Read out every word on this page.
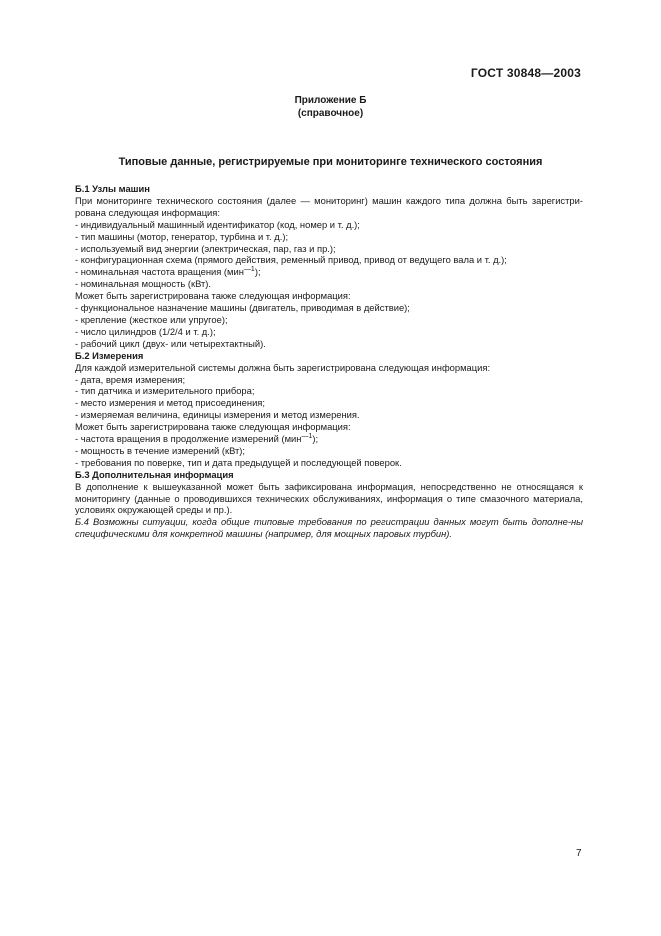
ГОСТ 30848—2003
Приложение Б
(справочное)
Типовые данные, регистрируемые при мониторинге технического состояния

Б.1 Узлы машин

При мониторинге технического состояния (далее — мониторинг) машин каждого типа должна быть зарегистри-рована следующая информация:

- индивидуальный машинный идентификатор (код, номер и т. д.);

- тип машины (мотор, генератор, турбина и т. д.);

- используемый вид энергии (электрическая, пар, газ и пр.);

- конфигурационная схема (прямого действия, ременный привод, привод от ведущего вала и т. д.);

- номинальная частота вращения (мин$^{—1}$);

- номинальная мощность (кВт).

Может быть зарегистрирована также следующая информация:

- функциональное назначение машины (двигатель, приводимая в действие);

- крепление (жесткое или упругое);

- число цилиндров (1/2/4 и т. д.);

- рабочий цикл (двух- или четырехтактный).

Б.2 Измерения

Для каждой измерительной системы должна быть зарегистрирована следующая информация:

- дата, время измерения;

- тип датчика и измерительного прибора;

- место измерения и метод присоединения;

- измеряемая величина, единицы измерения и метод измерения.

Может быть зарегистрирована также следующая информация:

- частота вращения в продолжение измерений (мин$^{—1}$);

- мощность в течение измерений (кВт);

- требования по поверке, тип и дата предыдущей и последующей поверок.

Б.3 Дополнительная информация

В дополнение к вышеуказанной может быть зафиксирована информация, непосредственно не относящаяся к мониторингу (данные о проводившихся технических обслуживаниях, информация о типе смазочного материала, условиях окружающей среды и пр.).

Б.4 Возможны ситуации, когда общие типовые требования по регистрации данных могут быть дополне-ны специфическими для конкретной машины (например, для мощных паровых турбин).

7
